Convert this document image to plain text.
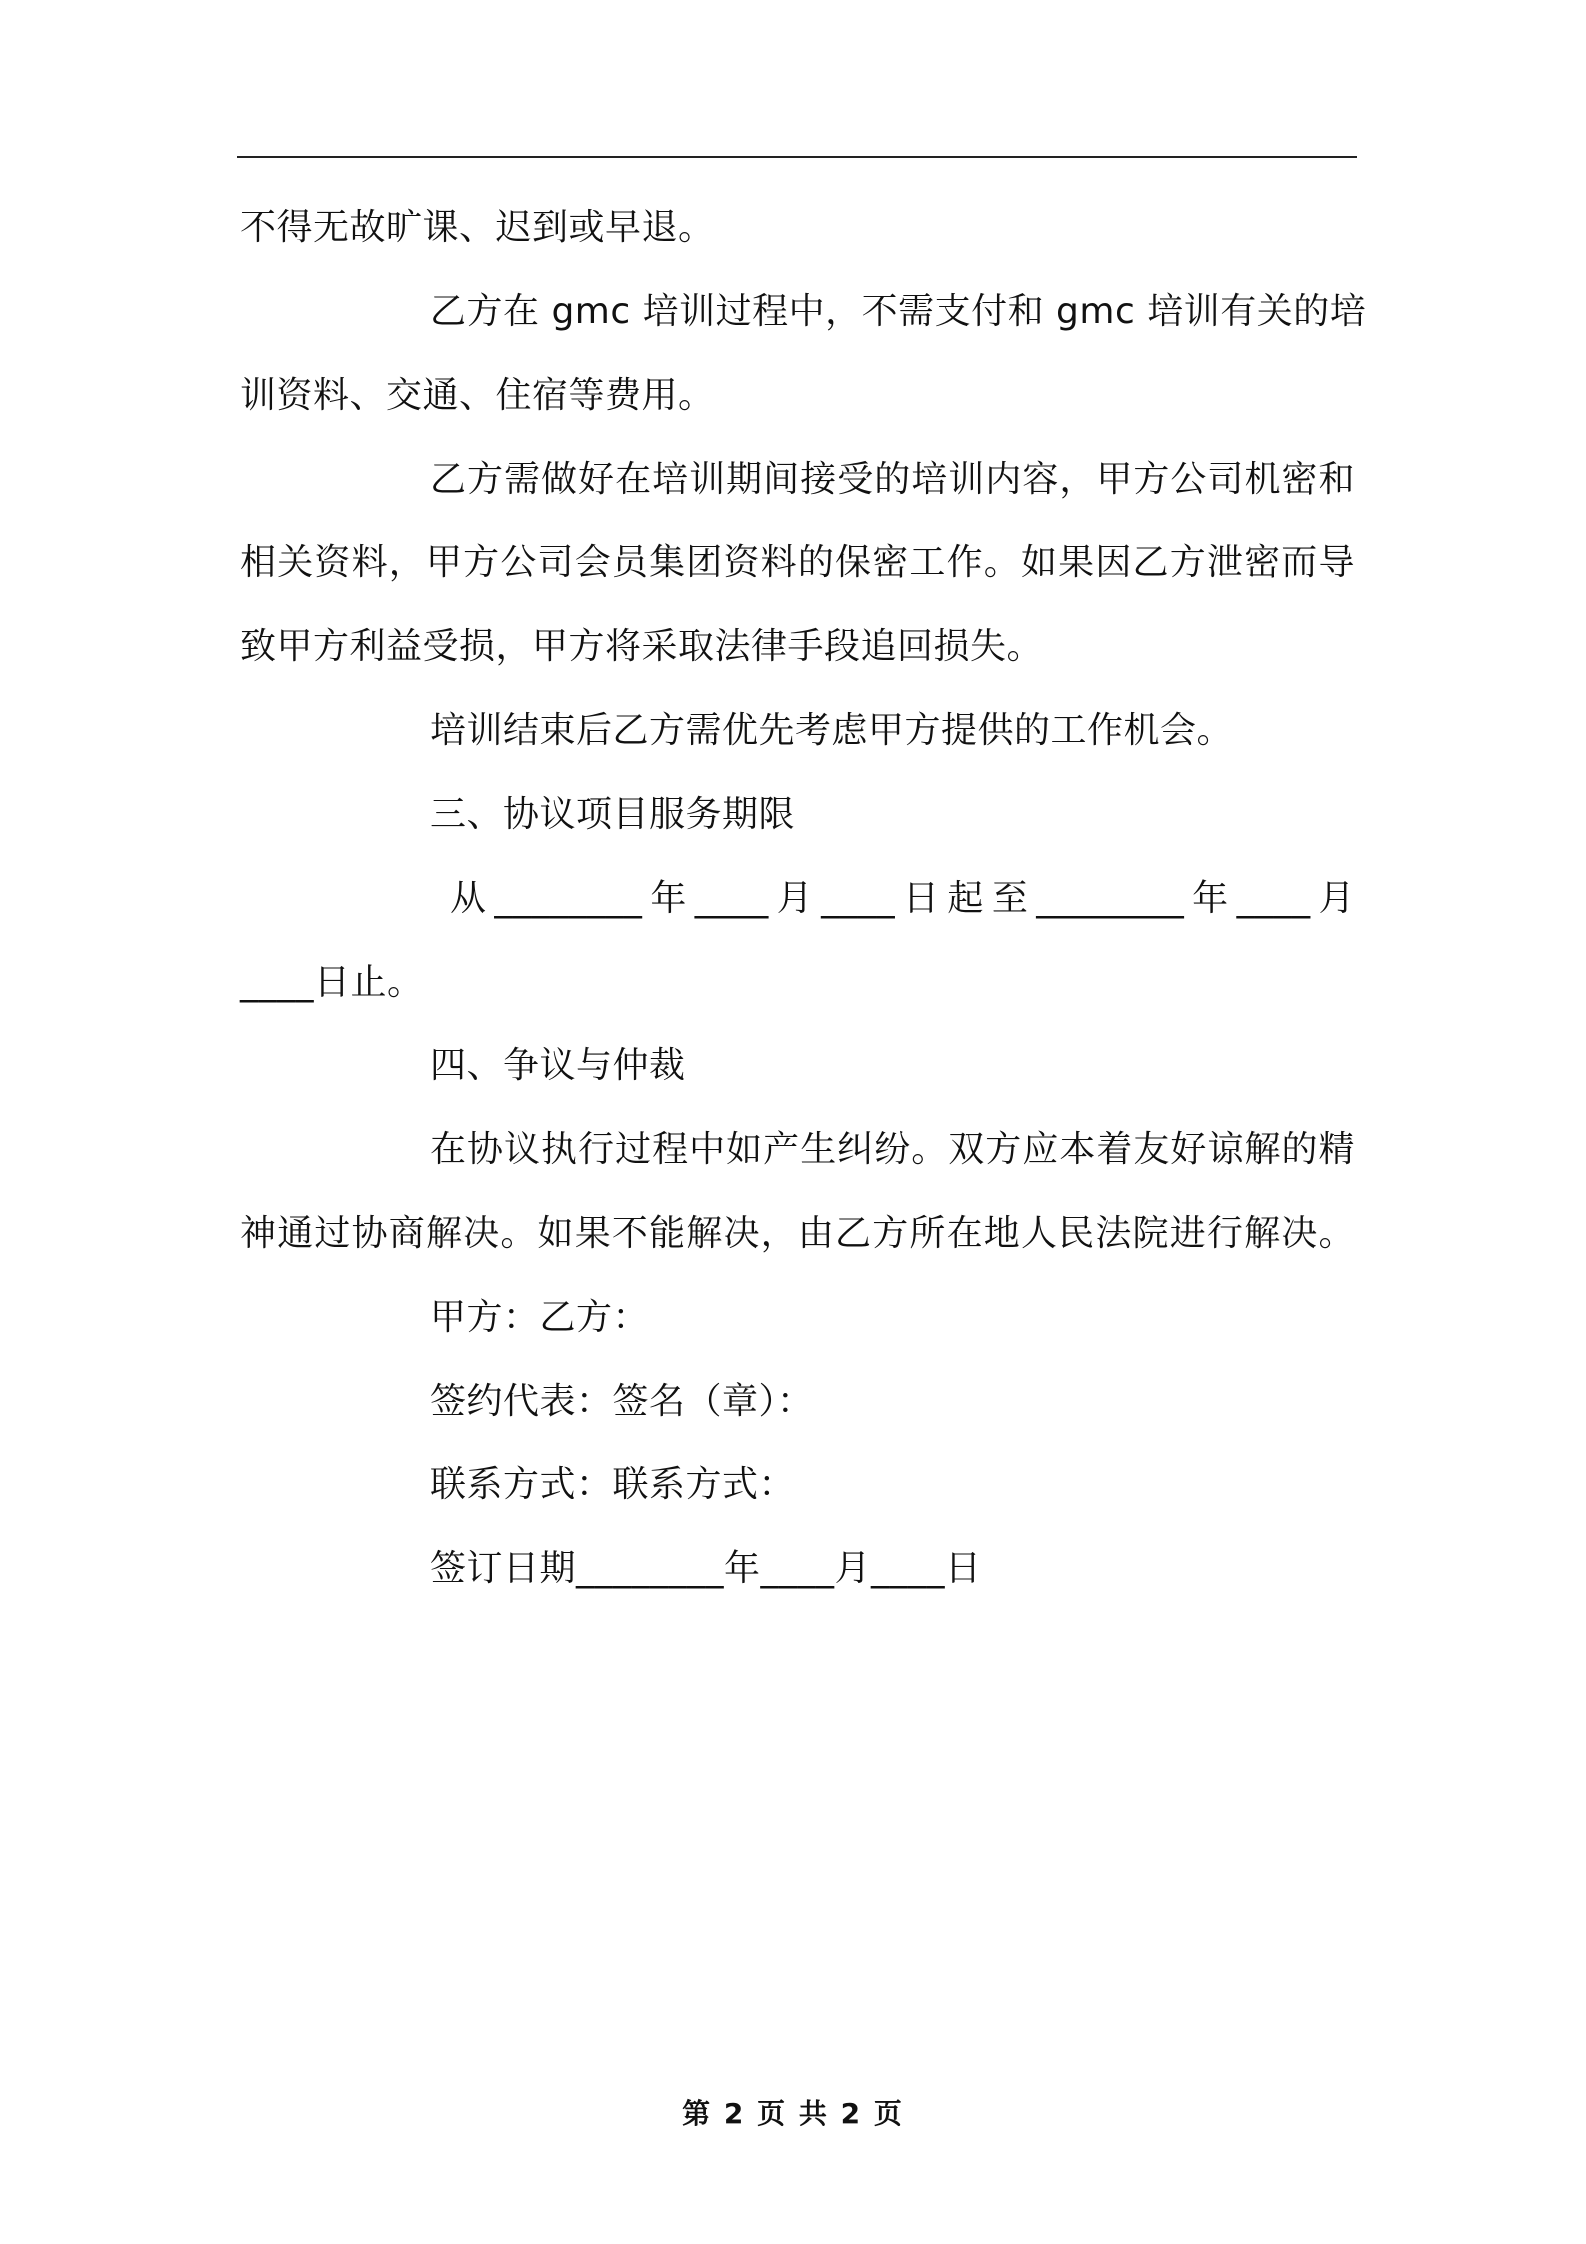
不得无故旷课、迟到或早退。
乙方在 gmc 培训过程中，不需支付和 gmc 培训有关的培
训资料、交通、住宿等费用。
乙方需做好在培训期间接受的培训内容，甲方公司机密和
相关资料，甲方公司会员集团资料的保密工作。如果因乙方泄密而导
致甲方利益受损，甲方将采取法律手段追回损失。
培训结束后乙方需优先考虑甲方提供的工作机会。
三、协议项目服务期限
从________年____月____日起至________年____月
____日止。
四、争议与仲裁
在协议执行过程中如产生纠纷。双方应本着友好谅解的精
神通过协商解决。如果不能解决，由乙方所在地人民法院进行解决。
甲方：乙方：
签约代表：签名（章）：
联系方式：联系方式：
签订日期________年____月____日
第 2 页 共 2 页
